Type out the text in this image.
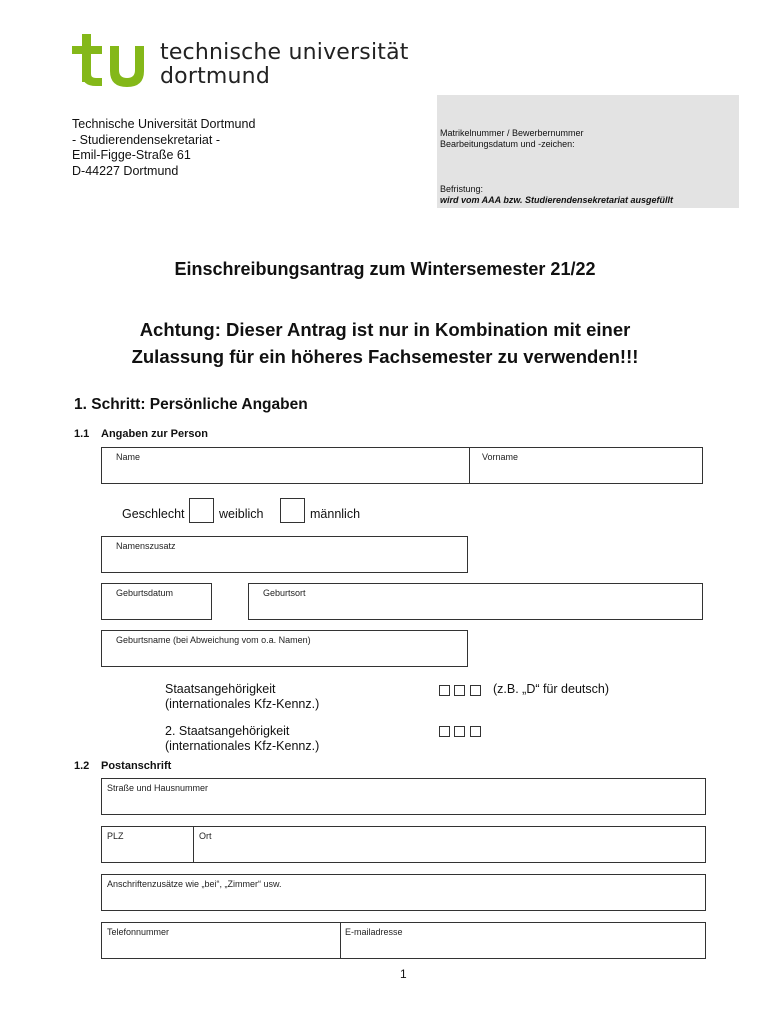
technische universität
dortmund
Technische Universität Dortmund
- Studierendensekretariat -
Emil-Figge-Straße 61
D-44227 Dortmund
Matrikelnummer / Bewerbernummer
Bearbeitungsdatum und -zeichen:
Befristung:
wird vom AAA bzw. Studierendensekretariat ausgefüllt
Einschreibungsantrag zum Wintersemester 21/22
Achtung: Dieser Antrag ist nur in Kombination mit einer
Zulassung für ein höheres Fachsemester zu verwenden!!!
1. Schritt: Persönliche Angaben
1.1 Angaben zur Person
Name	Vorname
Geschlecht	weiblich	männlich
Namenszusatz
Geburtsdatum	Geburtsort
Geburtsname (bei Abweichung vom o.a. Namen)
Staatsangehörigkeit
(internationales Kfz-Kennz.)

(z.B. „D“ für deutsch)
2. Staatsangehörigkeit
(internationales Kfz-Kennz.)

1.2 Postanschrift
Straße und Hausnummer
PLZ	Ort
Anschriftenzusätze wie „bei“, „Zimmer“ usw.
Telefonnummer	E-mailadresse
1
